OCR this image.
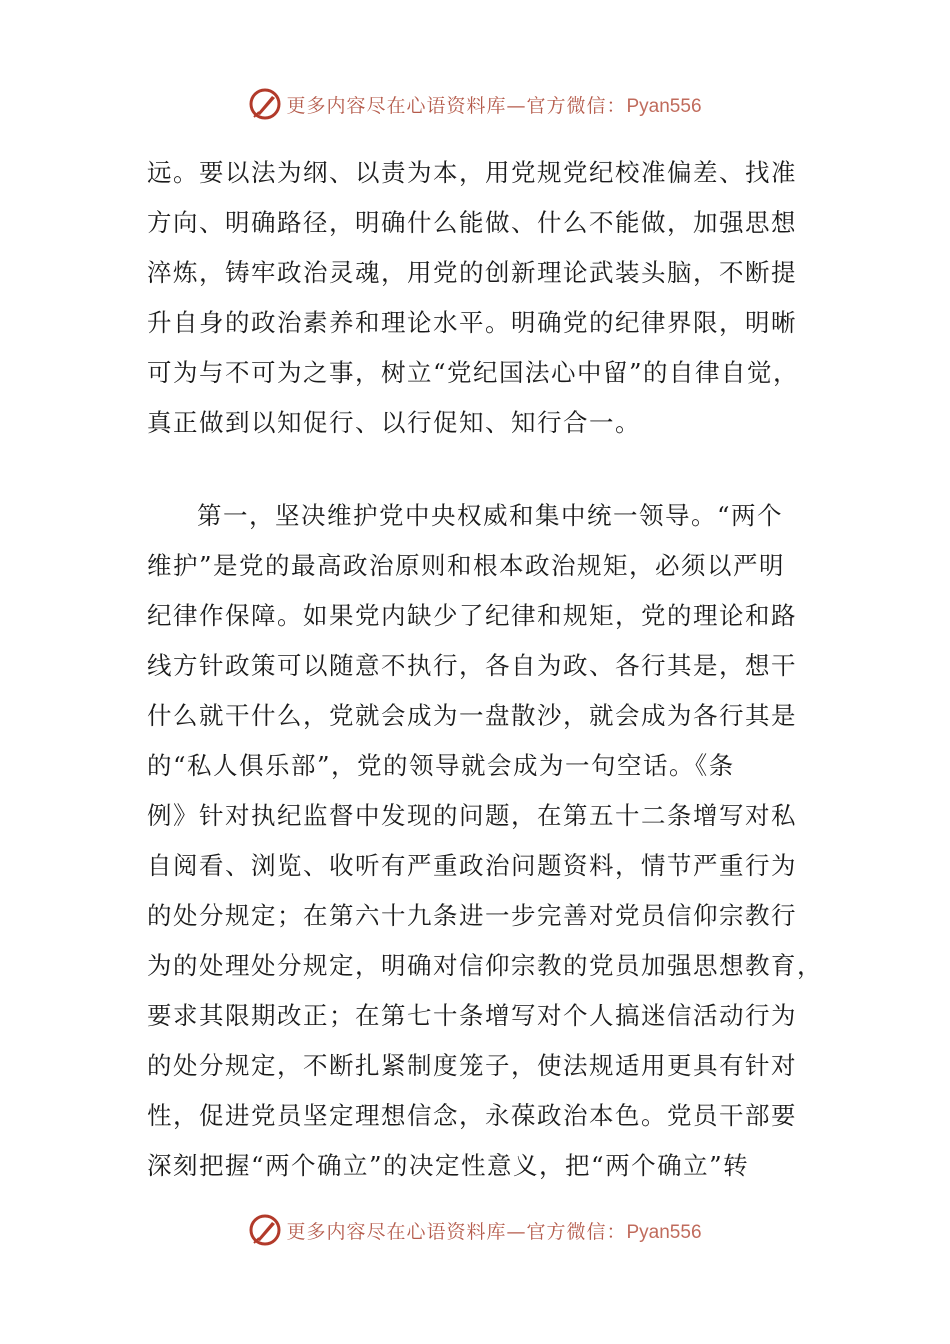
更多内容尽在心语资料库—官方微信：Pyan556
远。要以法为纲、以责为本，用党规党纪校准偏差、找准
方向、明确路径，明确什么能做、什么不能做，加强思想
淬炼，铸牢政治灵魂，用党的创新理论武装头脑，不断提
升自身的政治素养和理论水平。明确党的纪律界限，明晰
可为与不可为之事，树立“党纪国法心中留”的自律自觉，
真正做到以知促行、以行促知、知行合一。
第一，坚决维护党中央权威和集中统一领导。“两个
维护”是党的最高政治原则和根本政治规矩，必须以严明
纪律作保障。如果党内缺少了纪律和规矩，党的理论和路
线方针政策可以随意不执行，各自为政、各行其是，想干
什么就干什么，党就会成为一盘散沙，就会成为各行其是
的“私人俱乐部”，党的领导就会成为一句空话。《条
例》针对执纪监督中发现的问题，在第五十二条增写对私
自阅看、浏览、收听有严重政治问题资料，情节严重行为
的处分规定；在第六十九条进一步完善对党员信仰宗教行
为的处理处分规定，明确对信仰宗教的党员加强思想教育，
要求其限期改正；在第七十条增写对个人搞迷信活动行为
的处分规定，不断扎紧制度笼子，使法规适用更具有针对
性，促进党员坚定理想信念，永葆政治本色。党员干部要
深刻把握“两个确立”的决定性意义，把“两个确立”转
更多内容尽在心语资料库—官方微信：Pyan556
